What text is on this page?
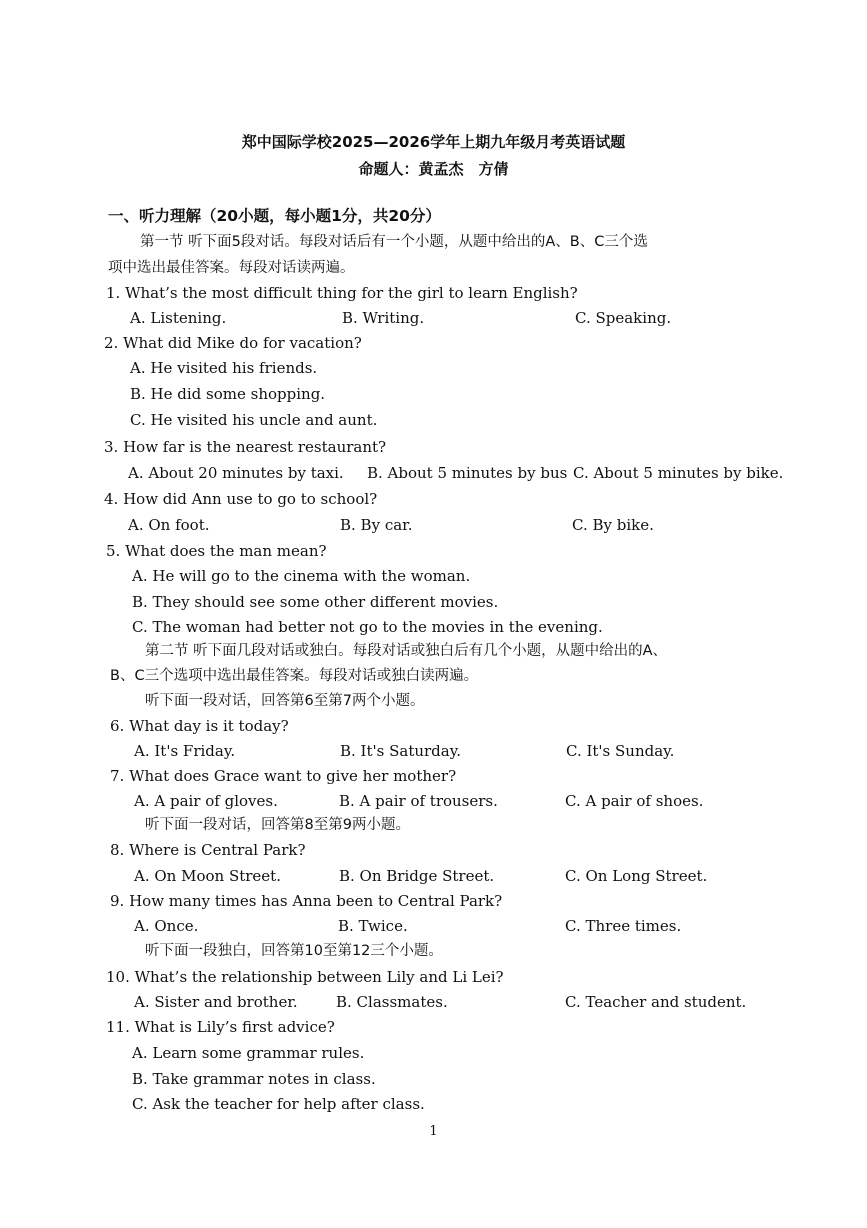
郑中国际学校2025—2026学年上期九年级月考英语试题
命题人：黄孟杰　方倩
一、听力理解（20小题，每小题1分，共20分）
第一节 听下面5段对话。每段对话后有一个小题，从题中给出的A、B、C三个选
项中选出最佳答案。每段对话读两遍。
1. What’s the most difficult thing for the girl to learn English?
A. Listening.	B. Writing.	C. Speaking.
2. What did Mike do for vacation?
A. He visited his friends.
B. He did some shopping.
C. He visited his uncle and aunt.
3. How far is the nearest restaurant?
A. About 20 minutes by taxi. B. About 5 minutes by bus C. About 5 minutes by bike.
4. How did Ann use to go to school?
A. On foot.	B. By car.	C. By bike.
5. What does the man mean?
A. He will go to the cinema with the woman.
B. They should see some other different movies.
C. The woman had better not go to the movies in the evening.
第二节 听下面几段对话或独白。每段对话或独白后有几个小题，从题中给出的A、
B、C三个选项中选出最佳答案。每段对话或独白读两遍。
听下面一段对话，回答第6至第7两个小题。
6. What day is it today?
A. It's Friday.	B. It's Saturday.	C. It's Sunday.
7. What does Grace want to give her mother?
A. A pair of gloves.	B. A pair of trousers.	C. A pair of shoes.
听下面一段对话，回答第8至第9两小题。
8. Where is Central Park?
A. On Moon Street.	B. On Bridge Street.	C. On Long Street.
9. How many times has Anna been to Central Park?
A. Once.	B. Twice.	C. Three times.
听下面一段独白，回答第10至第12三个小题。
10. What’s the relationship between Lily and Li Lei?
A. Sister and brother.	B. Classmates.	C. Teacher and student.
11. What is Lily’s first advice?
A. Learn some grammar rules.
B. Take grammar notes in class.
C. Ask the teacher for help after class.
1
